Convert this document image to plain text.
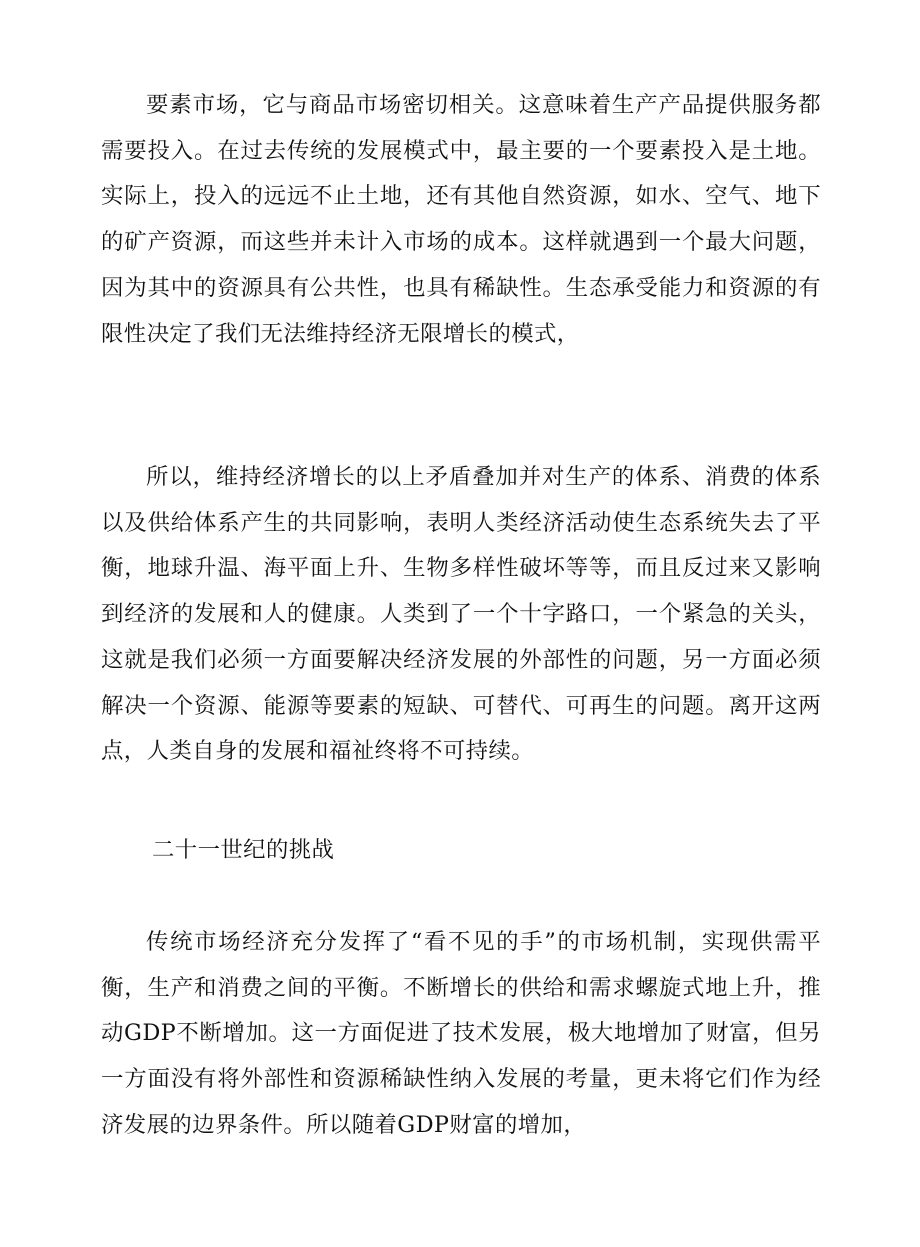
要素市场，它与商品市场密切相关。这意味着生产产品提供服务都需要投入。在过去传统的发展模式中，最主要的一个要素投入是土地。实际上，投入的远远不止土地，还有其他自然资源，如水、空气、地下的矿产资源，而这些并未计入市场的成本。这样就遇到一个最大问题，因为其中的资源具有公共性，也具有稀缺性。生态承受能力和资源的有限性决定了我们无法维持经济无限增长的模式，

所以，维持经济增长的以上矛盾叠加并对生产的体系、消费的体系以及供给体系产生的共同影响，表明人类经济活动使生态系统失去了平衡，地球升温、海平面上升、生物多样性破坏等等，而且反过来又影响到经济的发展和人的健康。人类到了一个十字路口，一个紧急的关头，这就是我们必须一方面要解决经济发展的外部性的问题，另一方面必须解决一个资源、能源等要素的短缺、可替代、可再生的问题。离开这两点，人类自身的发展和福祉终将不可持续。

二十一世纪的挑战

传统市场经济充分发挥了“看不见的手”的市场机制，实现供需平衡，生产和消费之间的平衡。不断增长的供给和需求螺旋式地上升，推动GDP不断增加。这一方面促进了技术发展，极大地增加了财富，但另一方面没有将外部性和资源稀缺性纳入发展的考量，更未将它们作为经济发展的边界条件。所以随着GDP财富的增加，
